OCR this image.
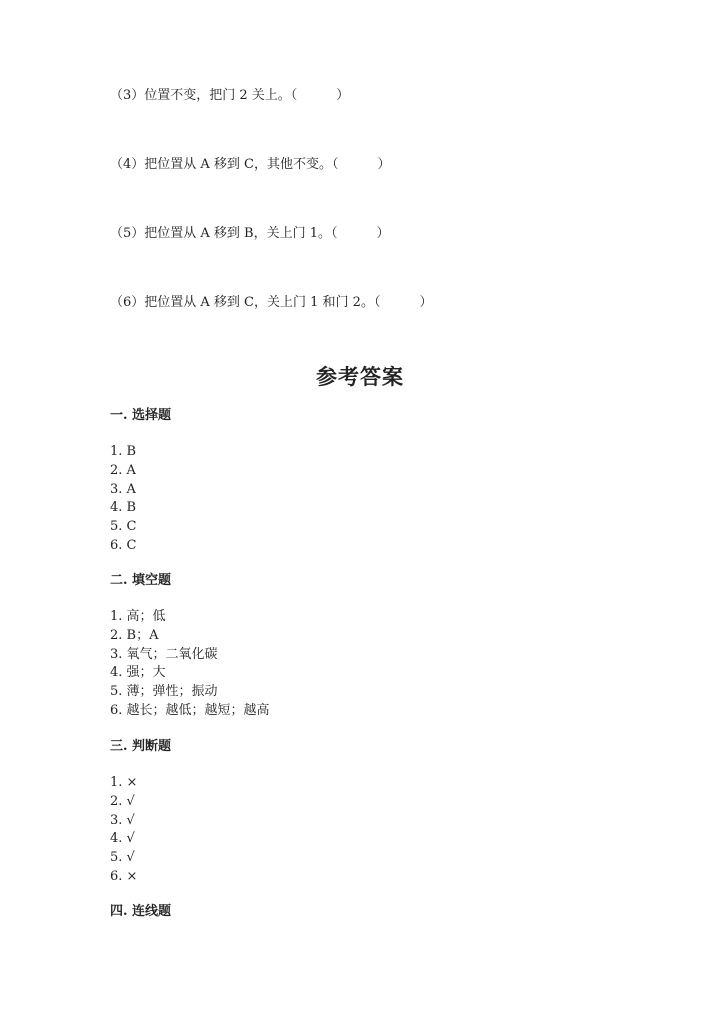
（3）位置不变，把门 2 关上。（　　　）
（4）把位置从 A 移到 C，其他不变。（　　　）
（5）把位置从 A 移到 B，关上门 1。（　　　）
（6）把位置从 A 移到 C，关上门 1 和门 2。（　　　）
参考答案
一. 选择题
1. B
2. A
3. A
4. B
5. C
6. C
二. 填空题
1. 高；低
2. B；A
3. 氧气；二氧化碳
4. 强；大
5. 薄；弹性；振动
6. 越长；越低；越短；越高
三. 判断题
1. ×
2. √
3. √
4. √
5. √
6. ×
四. 连线题
